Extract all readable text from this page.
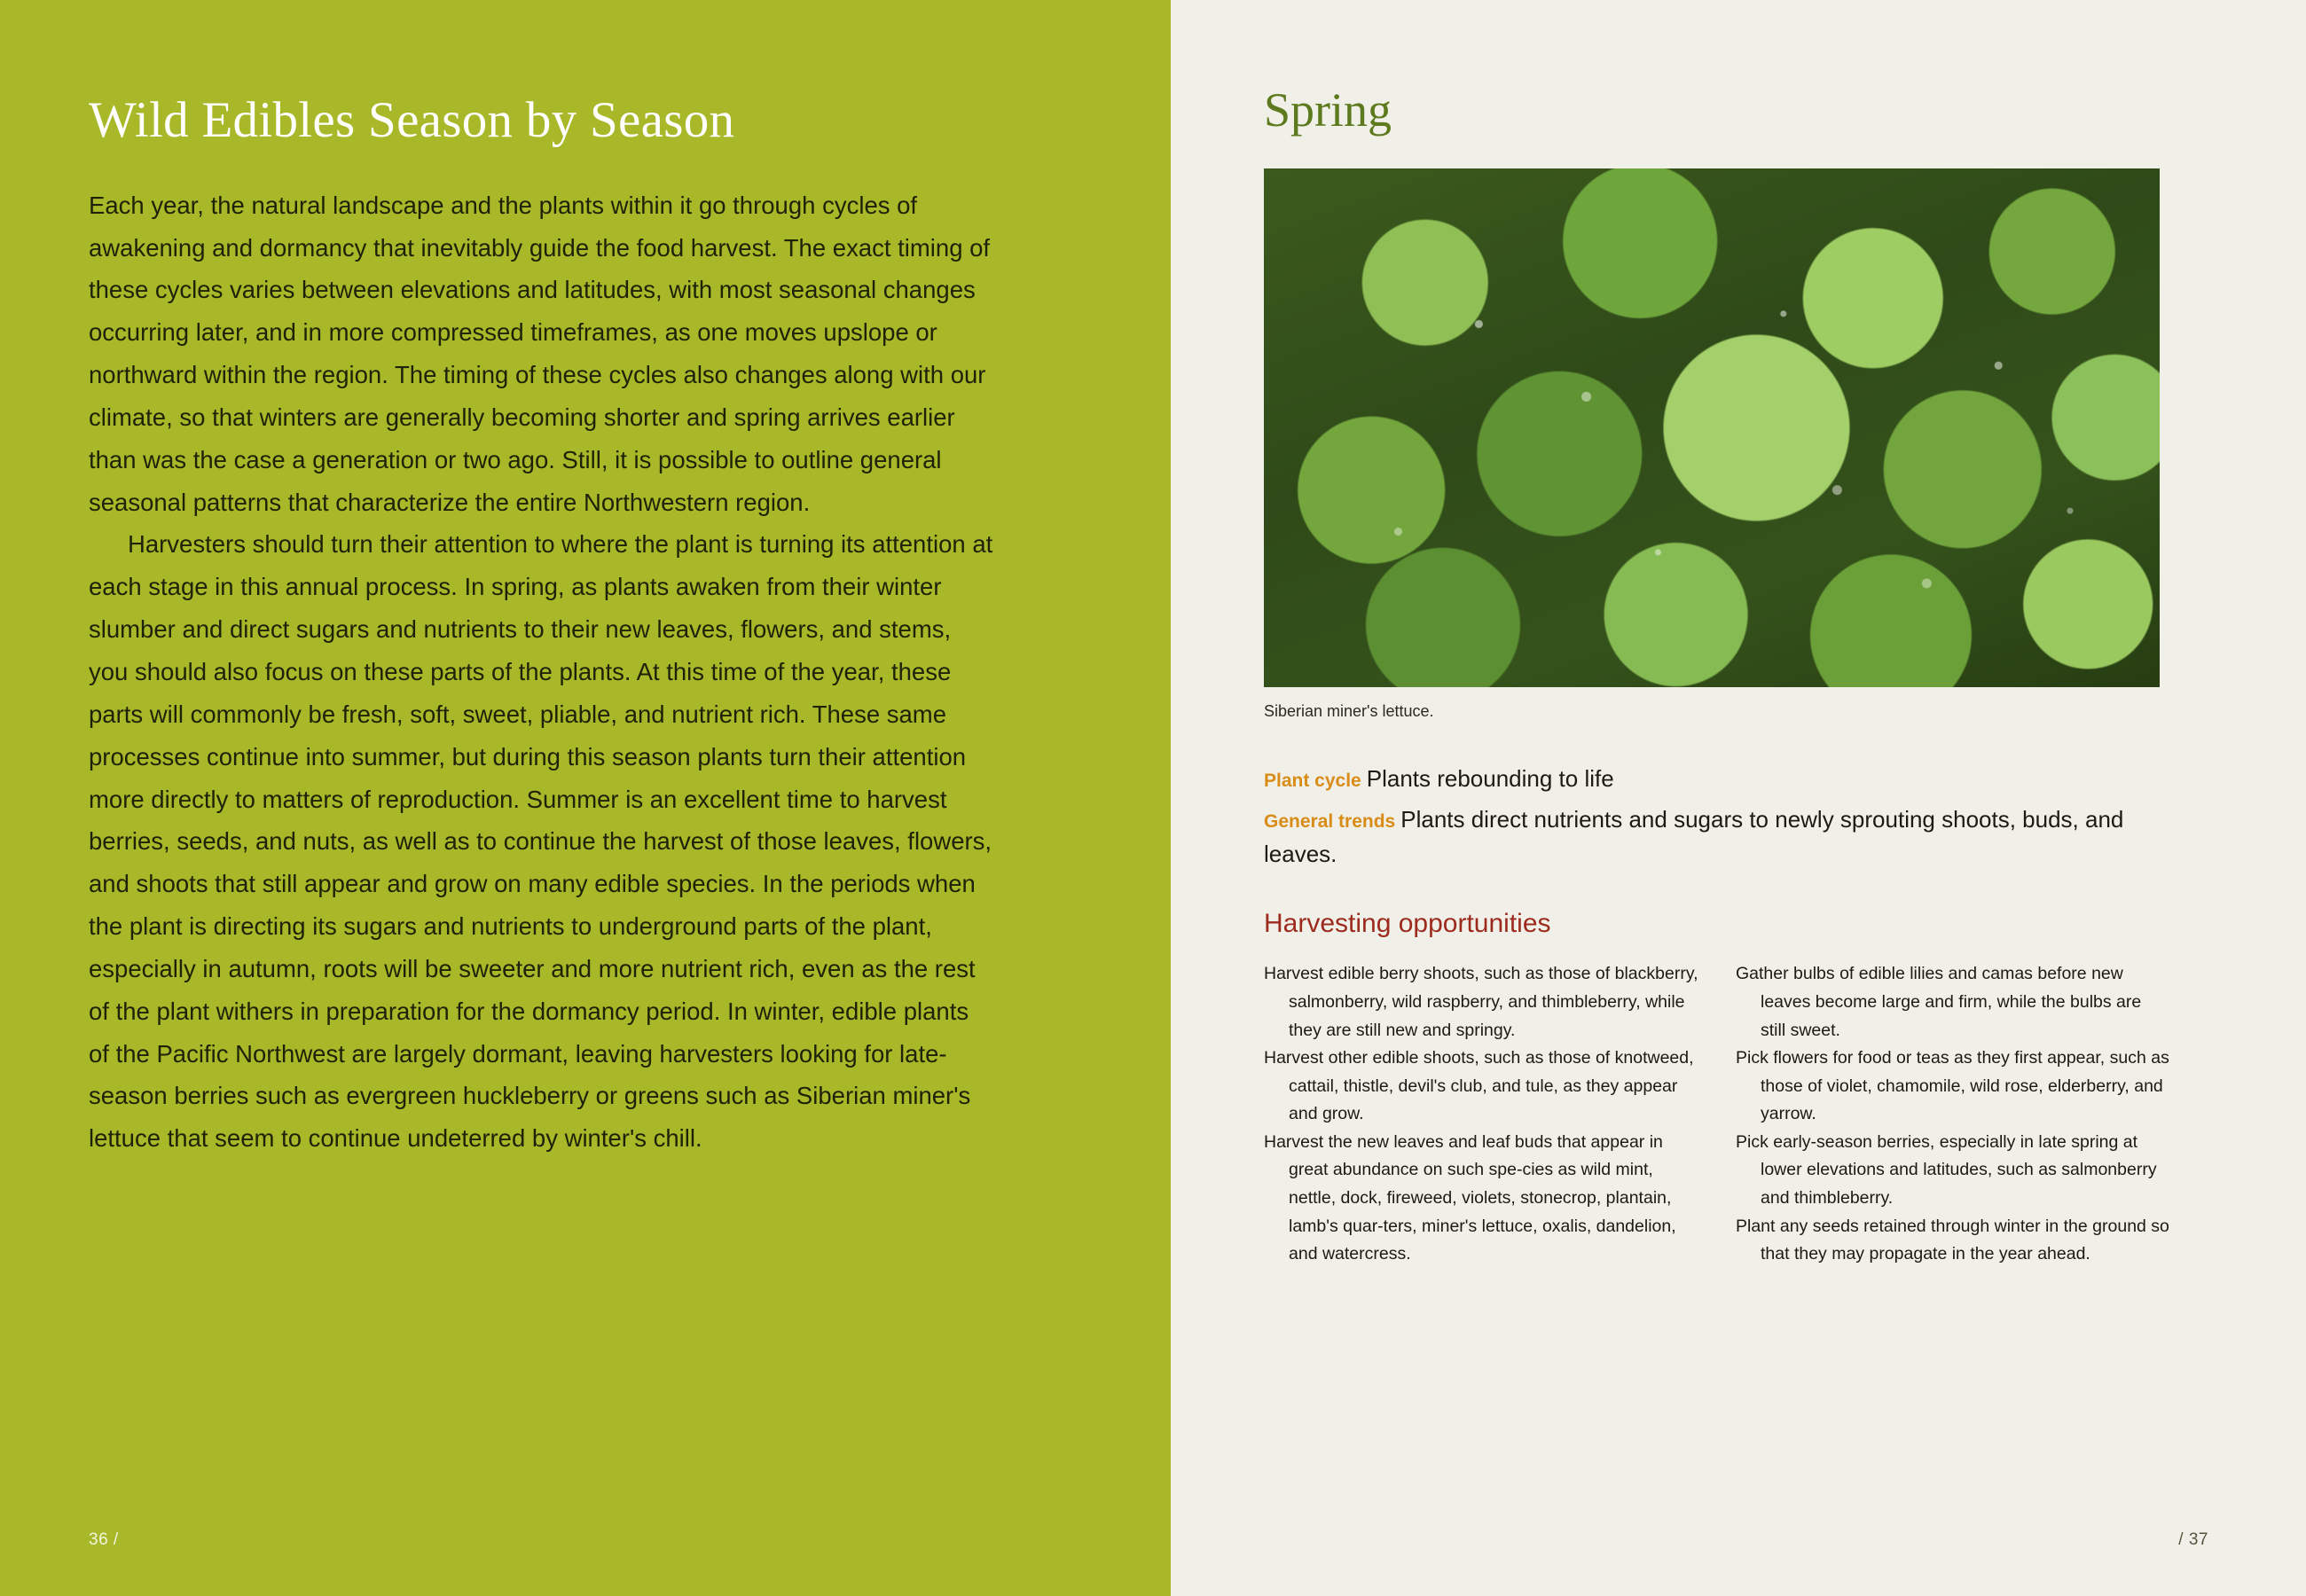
Wild Edibles Season by Season

Each year, the natural landscape and the plants within it go through cycles of awakening and dormancy that inevitably guide the food harvest. The exact timing of these cycles varies between elevations and latitudes, with most seasonal changes occurring later, and in more compressed timeframes, as one moves upslope or northward within the region. The timing of these cycles also changes along with our climate, so that winters are generally becoming shorter and spring arrives earlier than was the case a generation or two ago. Still, it is possible to outline general seasonal patterns that characterize the entire Northwestern region.

Harvesters should turn their attention to where the plant is turning its attention at each stage in this annual process. In spring, as plants awaken from their winter slumber and direct sugars and nutrients to their new leaves, flowers, and stems, you should also focus on these parts of the plants. At this time of the year, these parts will commonly be fresh, soft, sweet, pliable, and nutrient rich. These same processes continue into summer, but during this season plants turn their attention more directly to matters of reproduction. Summer is an excellent time to harvest berries, seeds, and nuts, as well as to continue the harvest of those leaves, flowers, and shoots that still appear and grow on many edible species. In the periods when the plant is directing its sugars and nutrients to underground parts of the plant, especially in autumn, roots will be sweeter and more nutrient rich, even as the rest of the plant withers in preparation for the dormancy period. In winter, edible plants of the Pacific Northwest are largely dormant, leaving harvesters looking for late-season berries such as evergreen huckleberry or greens such as Siberian miner's lettuce that seem to continue undeterred by winter's chill.

36 /
Spring

Siberian miner's lettuce.

Plant cycle Plants rebounding to life

General trends Plants direct nutrients and sugars to newly sprouting shoots, buds, and leaves.

Harvesting opportunities

Harvest edible berry shoots, such as those of blackberry, salmonberry, wild raspberry, and thimbleberry, while they are still new and springy.

Harvest other edible shoots, such as those of knotweed, cattail, thistle, devil's club, and tule, as they appear and grow.

Harvest the new leaves and leaf buds that appear in great abundance on such spe-cies as wild mint, nettle, dock, fireweed, violets, stonecrop, plantain, lamb's quar-ters, miner's lettuce, oxalis, dandelion, and watercress.

Gather bulbs of edible lilies and camas before new leaves become large and firm, while the bulbs are still sweet.

Pick flowers for food or teas as they first appear, such as those of violet, chamomile, wild rose, elderberry, and yarrow.

Pick early-season berries, especially in late spring at lower elevations and latitudes, such as salmonberry and thimbleberry.

Plant any seeds retained through winter in the ground so that they may propagate in the year ahead.

/ 37
